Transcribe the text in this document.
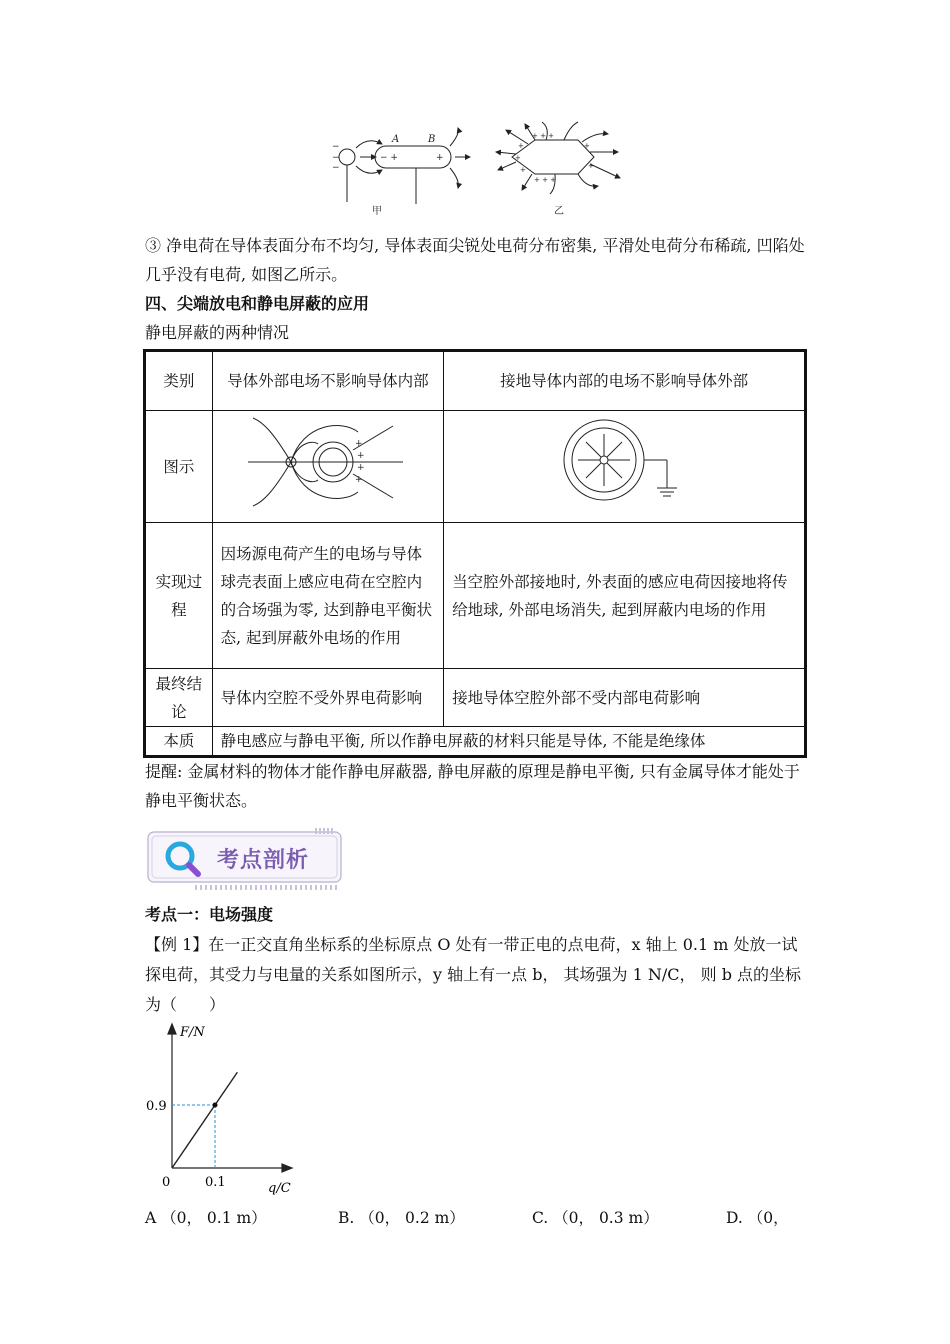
−
−
−
− +	+
A	B
甲
+ + +
+
+
+
+ + +
+
+
乙
③ 净电荷在导体表面分布不均匀, 导体表面尖锐处电荷分布密集, 平滑处电荷分布稀疏, 凹陷处几乎没有电荷, 如图乙所示。
四、尖端放电和静电屏蔽的应用
静电屏蔽的两种情况
类别	导体外部电场不影响导体内部	接地导体内部的电场不影响导体外部
图示	+
+
+
+
+

实现过程	因场源电荷产生的电场与导体球壳表面上感应电荷在空腔内的合场强为零, 达到静电平衡状态, 起到屏蔽外电场的作用	当空腔外部接地时, 外表面的感应电荷因接地将传给地球, 外部电场消失, 起到屏蔽内电场的作用
最终结论	导体内空腔不受外界电荷影响	接地导体空腔外部不受内部电荷影响
本质	静电感应与静电平衡, 所以作静电屏蔽的材料只能是导体, 不能是绝缘体	
提醒: 金属材料的物体才能作静电屏蔽器, 静电屏蔽的原理是静电平衡, 只有金属导体才能处于静电平衡状态。
考点剖析
考点一：电场强度
【例 1】在一正交直角坐标系的坐标原点 O 处有一带正电的点电荷，x 轴上 0.1 m 处放一试探电荷，其受力与电量的关系如图所示，y 轴上有一点 b， 其场强为 1 N/C， 则 b 点的坐标为（　　）
F/N
0
0.9
0.1	q/C
A （0， 0.1 m）	B. （0， 0.2 m）	C. （0， 0.3 m）	D. （0，
